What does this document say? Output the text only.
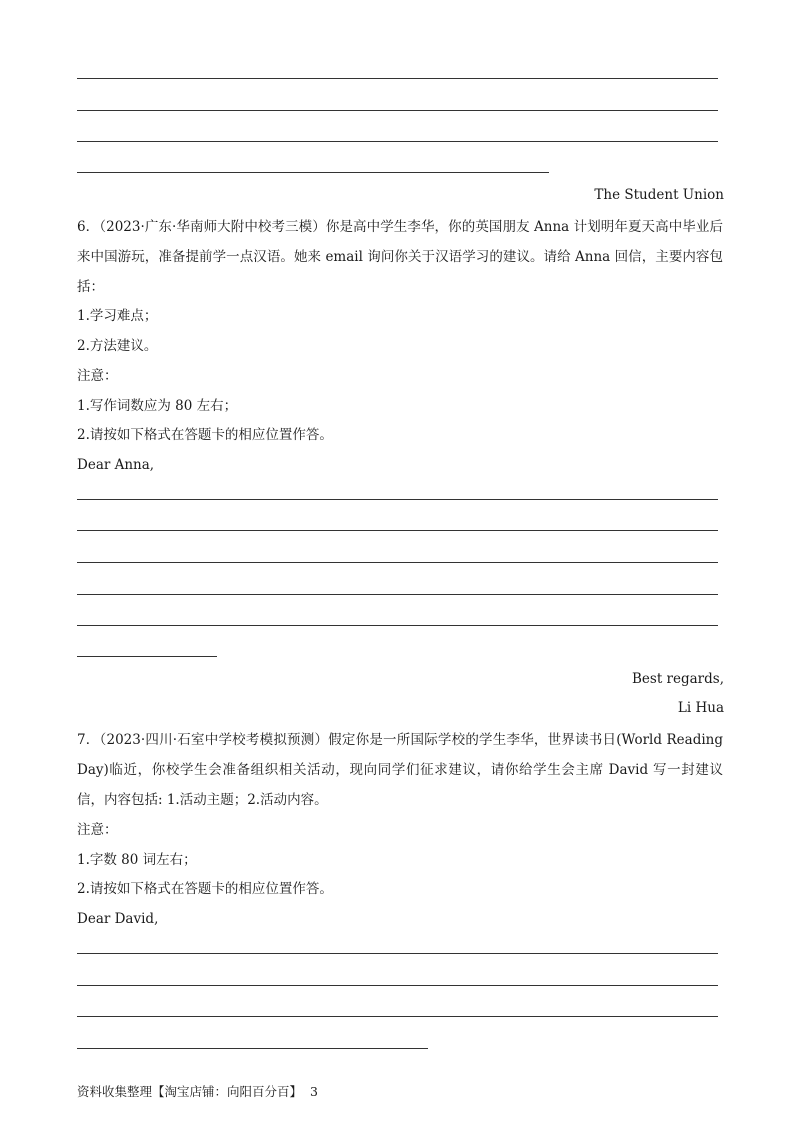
The Student Union
6．（2023·广东·华南师大附中校考三模）你是高中学生李华，你的英国朋友 Anna 计划明年夏天高中毕业后来中国游玩，准备提前学一点汉语。她来 email 询问你关于汉语学习的建议。请给 Anna 回信，主要内容包括：
1.学习难点；
2.方法建议。
注意：
1.写作词数应为 80 左右；
2.请按如下格式在答题卡的相应位置作答。
Dear Anna,
Best regards,
Li Hua
7．（2023·四川·石室中学校考模拟预测）假定你是一所国际学校的学生李华，世界读书日(World Reading Day)临近，你校学生会准备组织相关活动，现向同学们征求建议，请你给学生会主席 David 写一封建议信，内容包括: 1.活动主题；2.活动内容。
注意：
1.字数 80 词左右；
2.请按如下格式在答题卡的相应位置作答。
Dear David,
资料收集整理【淘宝店铺：向阳百分百】 3
